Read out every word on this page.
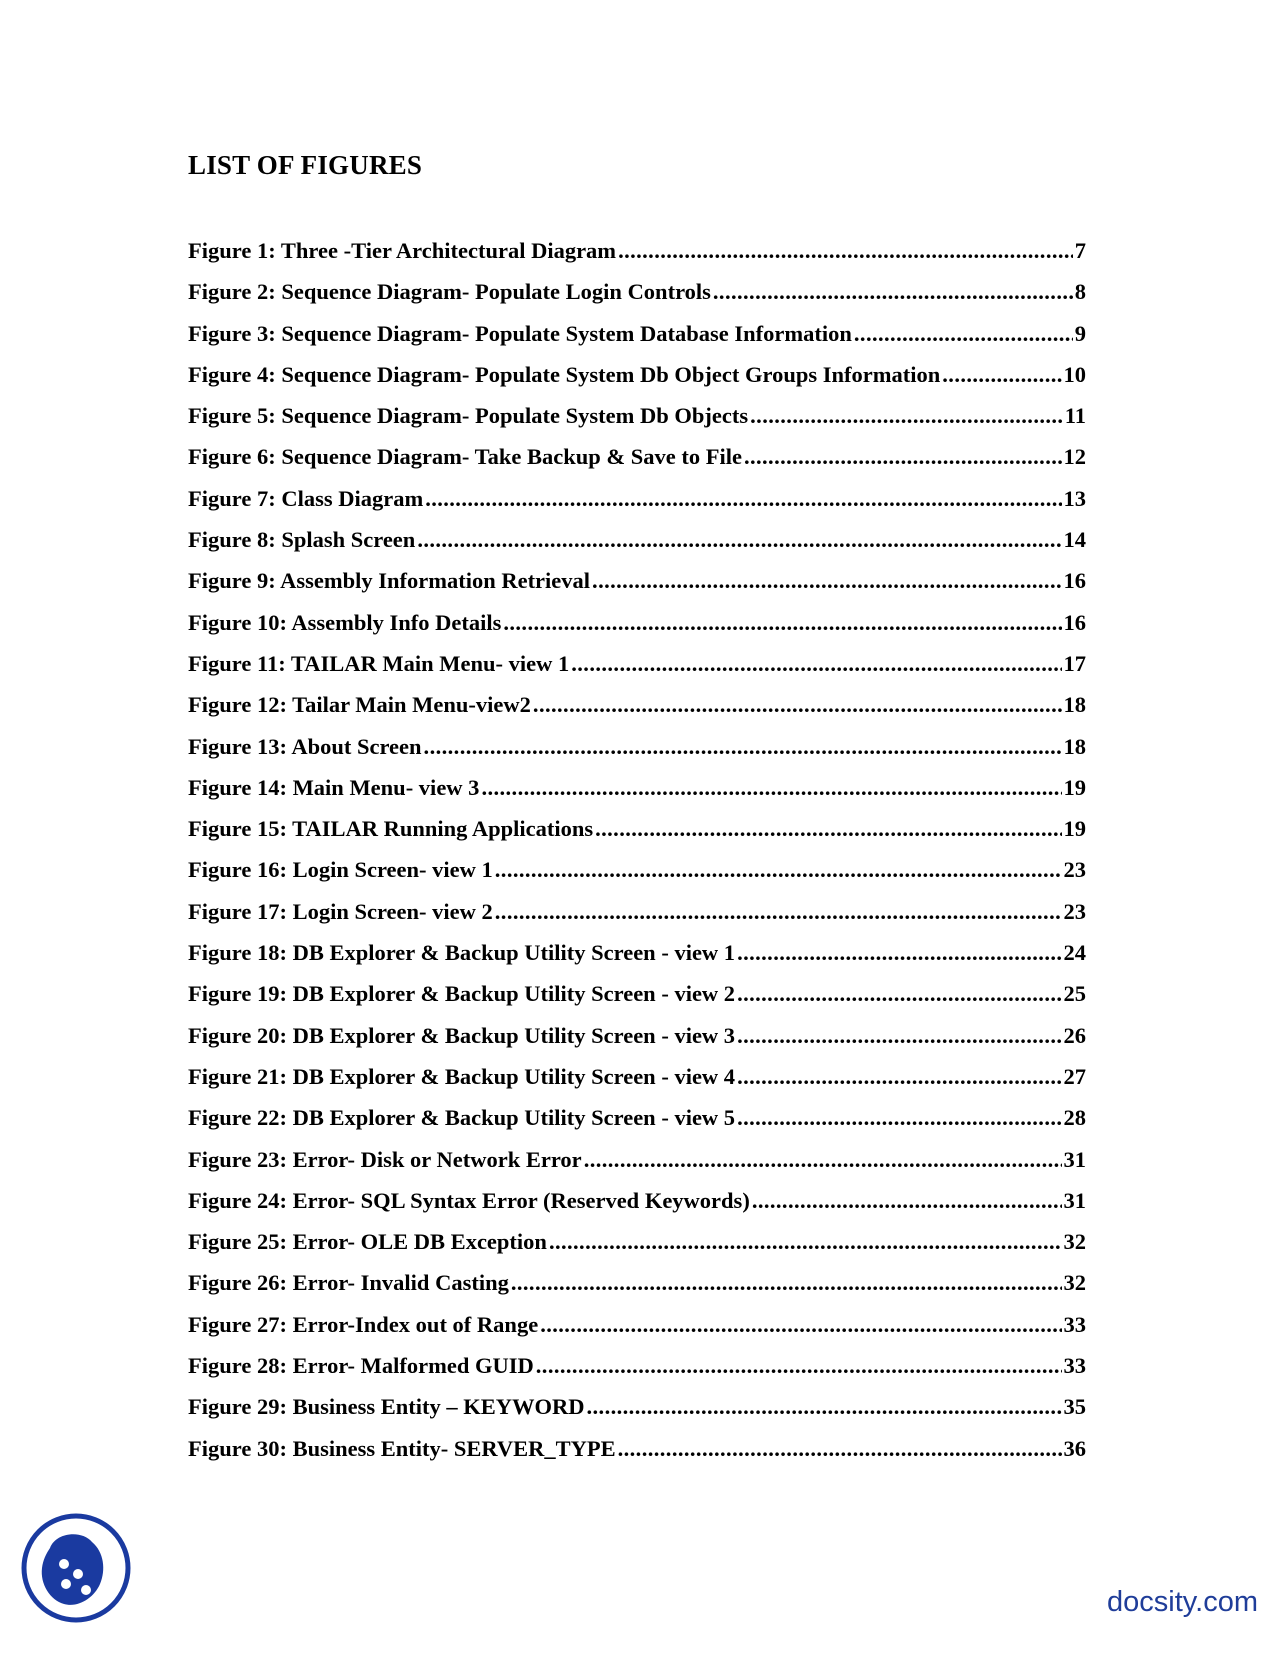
LIST OF FIGURES
Figure 1: Three -Tier Architectural Diagram .....	7
Figure 2: Sequence Diagram- Populate Login Controls .....	8
Figure 3: Sequence Diagram- Populate System Database Information .....	9
Figure 4: Sequence Diagram- Populate System Db Object Groups Information .....	10
Figure 5: Sequence Diagram- Populate System Db Objects .....	11
Figure 6: Sequence Diagram- Take Backup & Save to File .....	12
Figure 7: Class Diagram .....	13
Figure 8: Splash Screen .....	14
Figure 9: Assembly Information Retrieval .....	16
Figure 10: Assembly Info Details .....	16
Figure 11: TAILAR Main Menu- view 1 .....	17
Figure 12: Tailar Main Menu-view2 .....	18
Figure 13: About Screen .....	18
Figure 14: Main Menu- view 3 .....	19
Figure 15: TAILAR Running Applications .....	19
Figure 16: Login Screen- view 1 .....	23
Figure 17: Login Screen- view 2 .....	23
Figure 18: DB Explorer & Backup Utility Screen - view 1 .....	24
Figure 19: DB Explorer & Backup Utility Screen - view 2 .....	25
Figure 20: DB Explorer & Backup Utility Screen - view 3 .....	26
Figure 21: DB Explorer & Backup Utility Screen - view 4 .....	27
Figure 22: DB Explorer & Backup Utility Screen - view 5 .....	28
Figure 23: Error- Disk or Network Error .....	31
Figure 24: Error- SQL Syntax Error (Reserved Keywords) .....	31
Figure 25: Error- OLE DB Exception .....	32
Figure 26: Error- Invalid Casting .....	32
Figure 27: Error-Index out of Range .....	33
Figure 28: Error- Malformed GUID .....	33
Figure 29: Business Entity – KEYWORD .....	35
Figure 30: Business Entity- SERVER_TYPE .....	36
docsity.com
